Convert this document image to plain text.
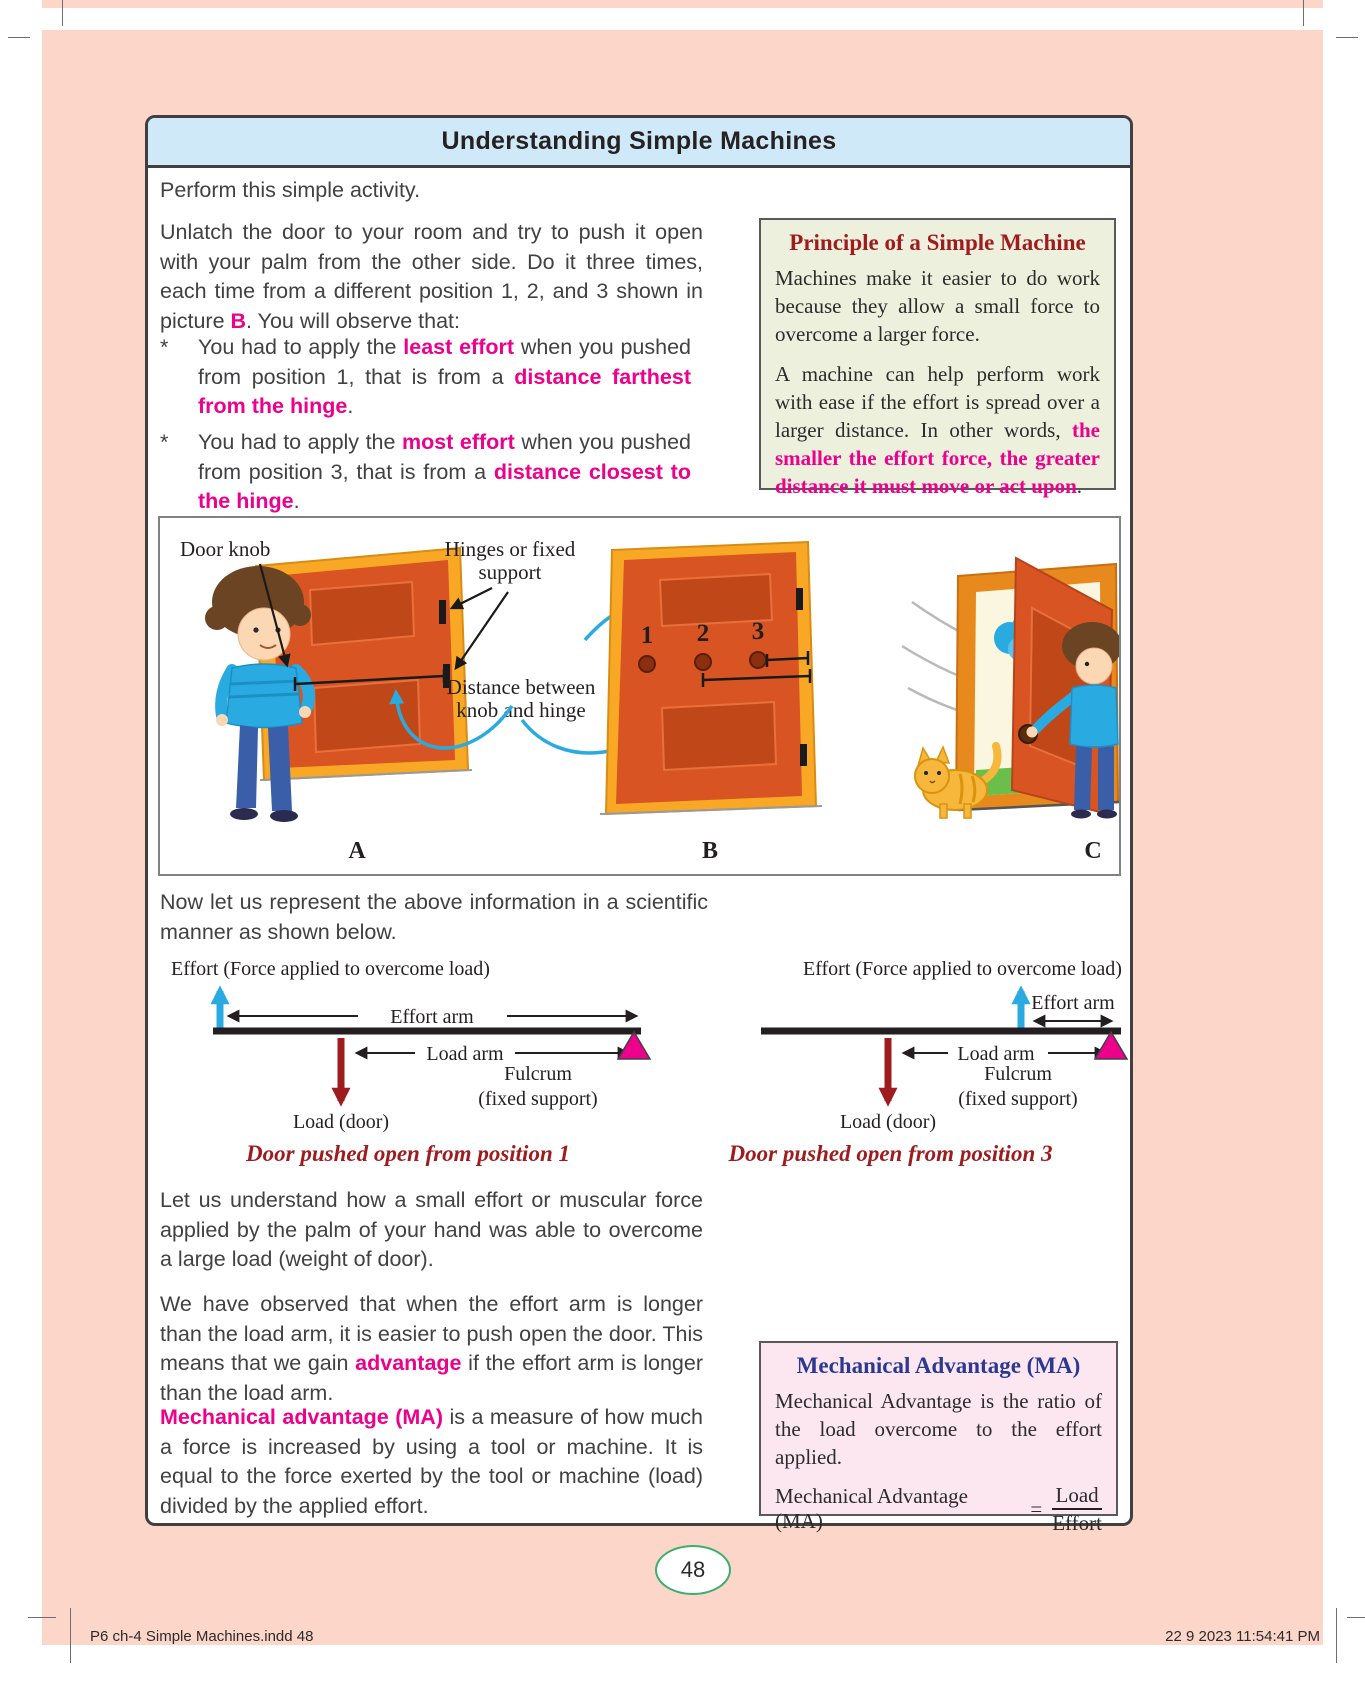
Understanding Simple Machines

Perform this simple activity.

Unlatch the door to your room and try to push it open with your palm from the other side. Do it three times, each time from a different position 1, 2, and 3 shown in picture B. You will observe that:

* You had to apply the least effort when you pushed from position 1, that is from a distance farthest from the hinge.
* You had to apply the most effort when you pushed from position 3, that is from a distance closest to the hinge.
Principle of a Simple Machine

Machines make it easier to do work because they allow a small force to overcome a larger force.

A machine can help perform work with ease if the effort is spread over a larger distance. In other words, the smaller the effort force, the greater distance it must move or act upon.

Door knob	Hinges or fixed
support
Distance between
knob and hinge
1 2 3
A	B	C

Now let us represent the above information in a scientific manner as shown below.

Effort (Force applied to overcome load)
Effort arm
Load arm
Fulcrum
(fixed support)
Load (door)
Effort (Force applied to overcome load)
Effort arm
Load arm
Fulcrum
(fixed support)
Load (door)
Door pushed open from position 1	Door pushed open from position 3

Let us understand how a small effort or muscular force applied by the palm of your hand was able to overcome a large load (weight of door).

We have observed that when the effort arm is longer than the load arm, it is easier to push open the door. This means that we gain advantage if the effort arm is longer than the load arm.

Mechanical advantage (MA) is a measure of how much a force is increased by using a tool or machine. It is equal to the force exerted by the tool or machine (load) divided by the applied effort.

Mechanical Advantage (MA)

Mechanical Advantage is the ratio of the load overcome to the effort applied.

Mechanical Advantage (MA)
= $\frac{\text{Load}}{\text{Effort}}$
48
P6 ch-4 Simple Machines.indd 48	22 9 2023 11:54:41 PM
